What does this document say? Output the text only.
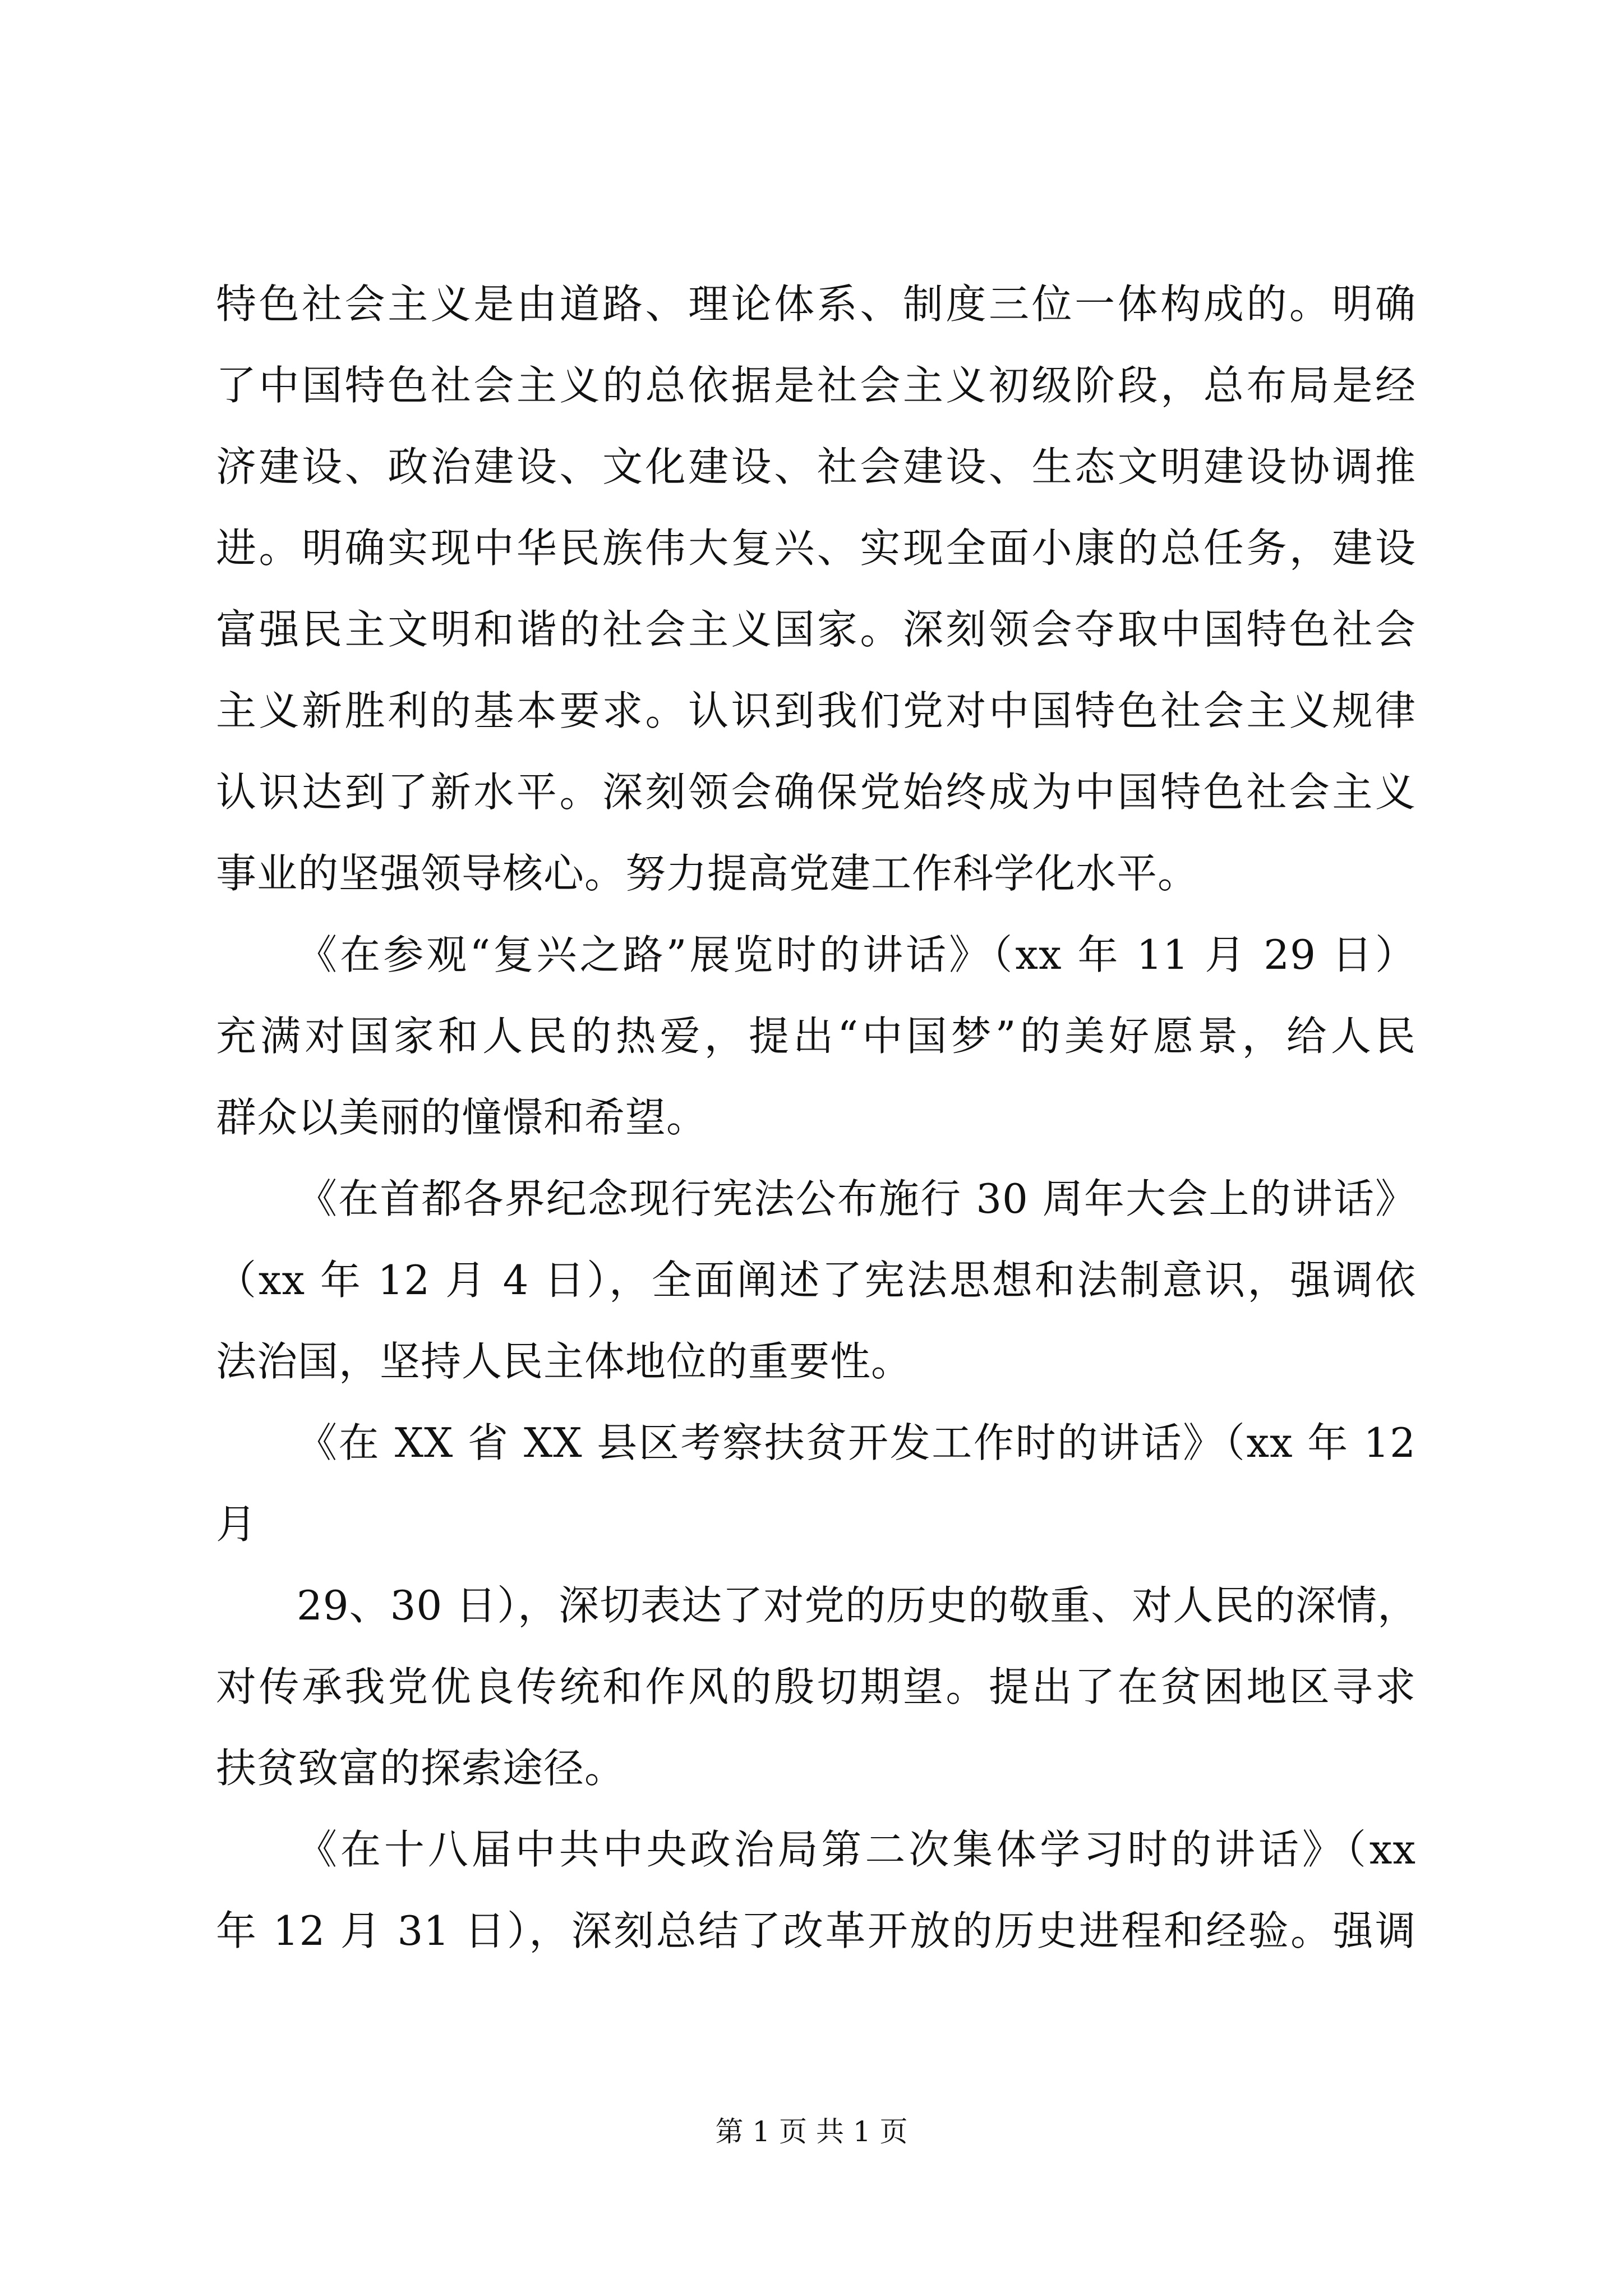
特色社会主义是由道路、理论体系、制度三位一体构成的。明确
了中国特色社会主义的总依据是社会主义初级阶段，总布局是经
济建设、政治建设、文化建设、社会建设、生态文明建设协调推
进。明确实现中华民族伟大复兴、实现全面小康的总任务，建设
富强民主文明和谐的社会主义国家。深刻领会夺取中国特色社会
主义新胜利的基本要求。认识到我们党对中国特色社会主义规律
认识达到了新水平。深刻领会确保党始终成为中国特色社会主义
事业的坚强领导核心。努力提高党建工作科学化水平。
《在参观“复兴之路”展览时的讲话》（xx 年 11 月 29 日）
充满对国家和人民的热爱，提出“中国梦”的美好愿景，给人民
群众以美丽的憧憬和希望。
《在首都各界纪念现行宪法公布施行 30 周年大会上的讲话》
（xx 年 12 月 4 日），全面阐述了宪法思想和法制意识，强调依
法治国，坚持人民主体地位的重要性。
《在 XX 省 XX 县区考察扶贫开发工作时的讲话》（xx 年 12
月
29、30 日），深切表达了对党的历史的敬重、对人民的深情，
对传承我党优良传统和作风的殷切期望。提出了在贫困地区寻求
扶贫致富的探索途径。
《在十八届中共中央政治局第二次集体学习时的讲话》（xx
年 12 月 31 日），深刻总结了改革开放的历史进程和经验。强调
第 1 页 共 1 页
